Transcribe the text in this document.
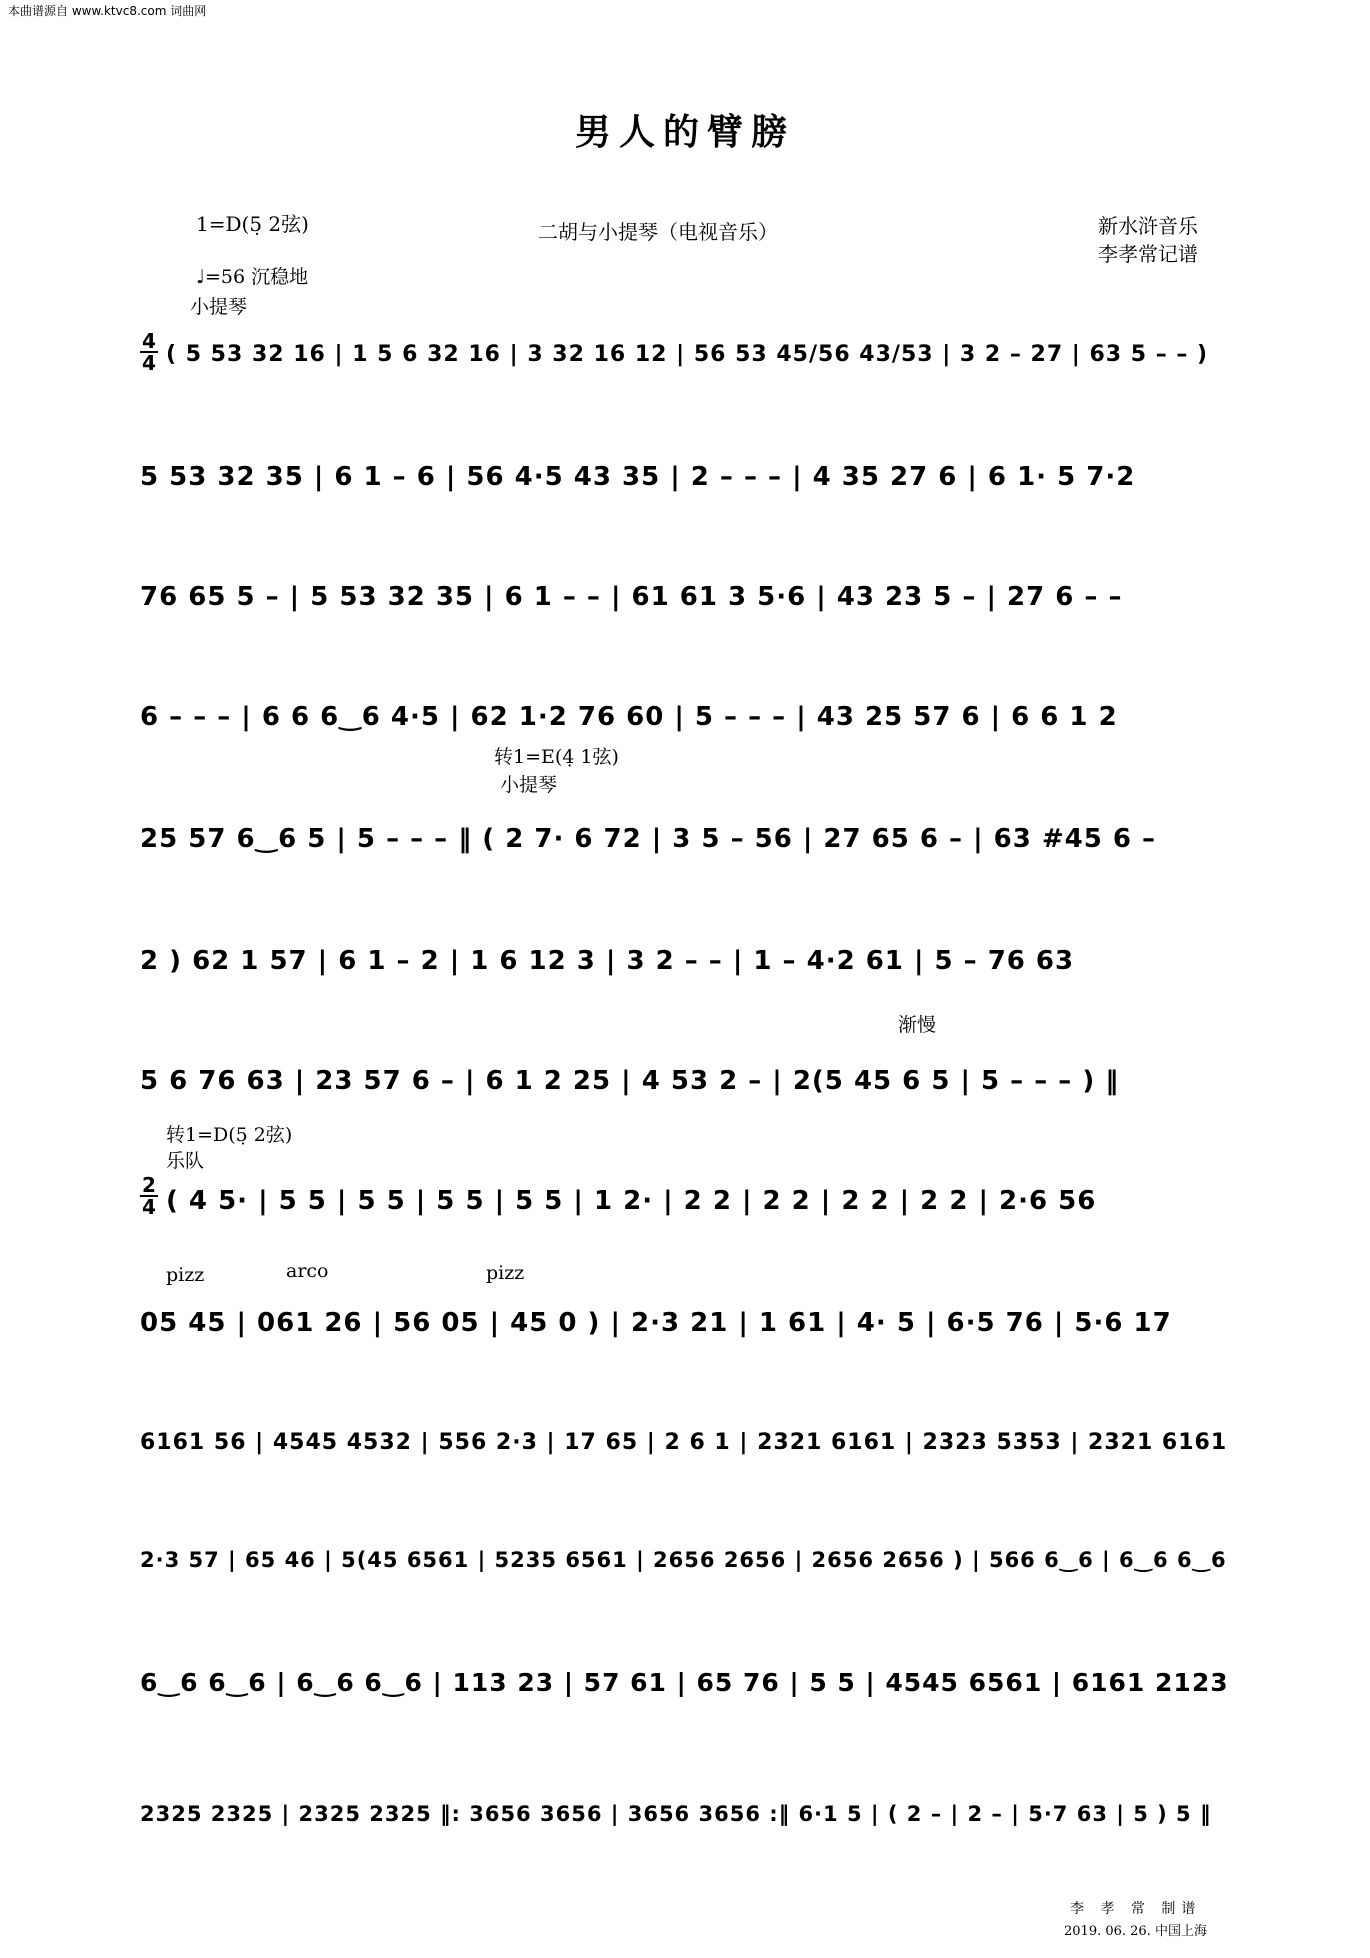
本曲谱源自 www.ktvc8.com 词曲网
男人的臂膀
1=D(5̣ 2弦)	二胡与小提琴（电视音乐）	新水浒音乐
李孝常记谱
♩=56 沉稳地
小提琴
4
4 ( 5 53 32 16 | 1 5 6 32 16 | 3 32 16 12 | 56 53 45/56 43/53 | 3 2 – 27 | 63 5 – – )
5 53 32 35 | 6 1 – 6 | 56 4·5 43 35 | 2 – – – | 4 35 27 6 | 6 1· 5 7·2
76 65 5 – | 5 53 32 35 | 6 1 – – | 61 61 3 5·6 | 43 23 5 – | 27 6 – –
6 – – – | 6 6 6‿6 4·5 | 62 1·2 76 60 | 5 – – – | 43 25 57 6 | 6 6 1 2
转1=E(4̣ 1弦)
小提琴
25 57 6‿6 5 | 5 – – – ‖ ( 2 7· 6 72 | 3 5 – 56 | 27 65 6 – | 63 #45 6 –
2 ) 62 1 57 | 6 1 – 2 | 1 6 12 3 | 3 2 – – | 1 – 4·2 61 | 5 – 76 63
渐慢
5 6 76 63 | 23 57 6 – | 6 1 2 25 | 4 53 2 – | 2(5 45 6 5 | 5 – – – ) ‖
转1=D(5̣ 2弦)
乐队
2
4 ( 4 5· | 5 5 | 5 5 | 5 5 | 5 5 | 1 2· | 2 2 | 2 2 | 2 2 | 2 2 | 2·6 56
pizz	arco	pizz
05 45 | 061 26 | 56 05 | 45 0 ) | 2·3 21 | 1 61 | 4· 5 | 6·5 76 | 5·6 17
6161 56 | 4545 4532 | 556 2·3 | 17 65 | 2 6 1 | 2321 6161 | 2323 5353 | 2321 6161
2·3 57 | 65 46 | 5(45 6561 | 5235 6561 | 2656 2656 | 2656 2656 ) | 566 6‿6 | 6‿6 6‿6
6‿6 6‿6 | 6‿6 6‿6 | 113 23 | 57 61 | 65 76 | 5 5 | 4545 6561 | 6161 2123
2325 2325 | 2325 2325 ‖: 3656 3656 | 3656 3656 :‖ 6·1 5 | ( 2 – | 2 – | 5·7 63 | 5 ) 5 ‖
李 孝 常 制谱
2019. 06. 26. 中国上海
